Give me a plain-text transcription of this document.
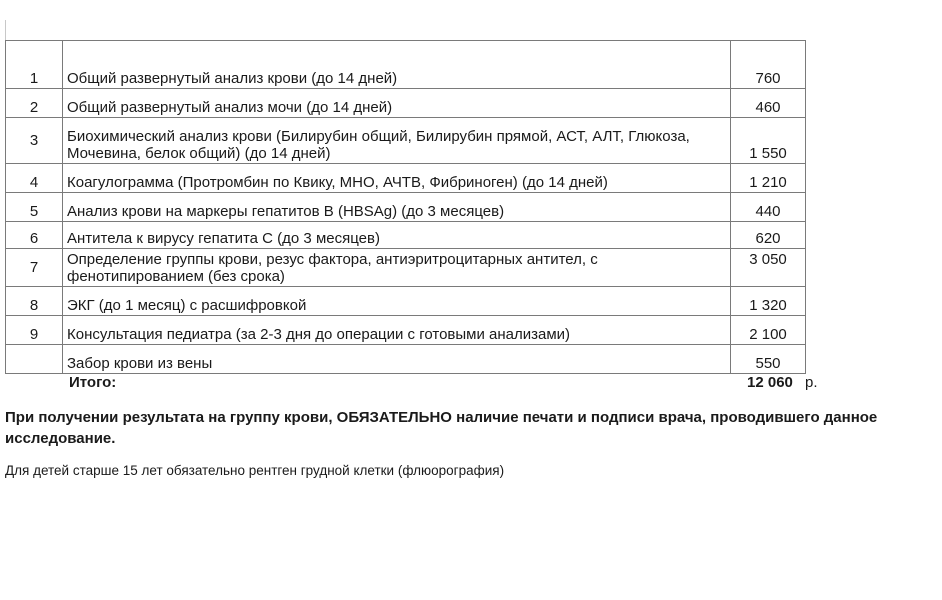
1	Общий развернутый анализ крови (до 14 дней)	760
2	Общий развернутый анализ мочи (до 14 дней)	460
3	Биохимический анализ крови (Билирубин общий, Билирубин прямой, АСТ, АЛТ, Глюкоза, Мочевина, белок общий) (до 14 дней)	1 550
4	Коагулограмма (Протромбин по Квику, МНО, АЧТВ, Фибриноген) (до 14 дней)	1 210
5	Анализ крови на маркеры гепатитов В (HBSAg) (до 3 месяцев)	440
6	Антитела к вирусу гепатита С (до 3 месяцев)	620
7	Определение группы крови, резус фактора, антиэритроцитарных антител, с фенотипированием (без срока)	3 050
8	ЭКГ (до 1 месяц) с расшифровкой	1 320
9	Консультация педиатра (за 2-3 дня до операции с готовыми анализами)	2 100
	Забор крови из вены	550
Итого:	12 060 р.
При получении результата на группу крови, ОБЯЗАТЕЛЬНО наличие печати и подписи врача, проводившего данное исследование.
Для детей старше 15 лет обязательно рентген грудной клетки (флюорография)
